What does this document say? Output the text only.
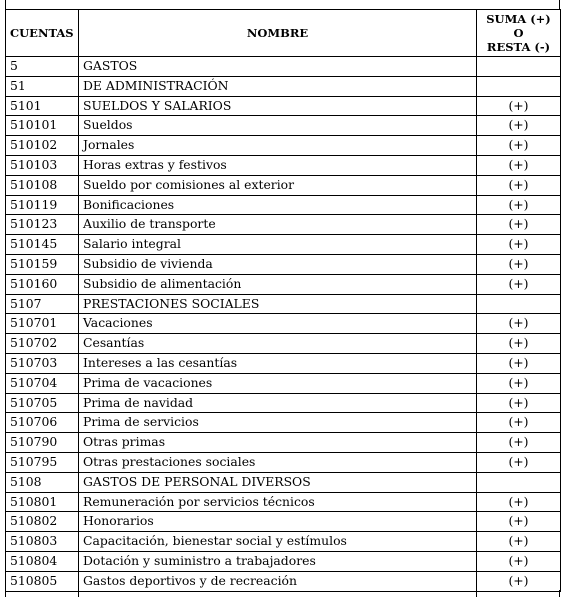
CUENTAS	NOMBRE	SUMA (+)
O
RESTA (-)
5	GASTOS	
51	DE ADMINISTRACIÓN	
5101	SUELDOS Y SALARIOS	(+)
510101	Sueldos	(+)
510102	Jornales	(+)
510103	Horas extras y festivos	(+)
510108	Sueldo por comisiones al exterior	(+)
510119	Bonificaciones	(+)
510123	Auxilio de transporte	(+)
510145	Salario integral	(+)
510159	Subsidio de vivienda	(+)
510160	Subsidio de alimentación	(+)
5107	PRESTACIONES SOCIALES	
510701	Vacaciones	(+)
510702	Cesantías	(+)
510703	Intereses a las cesantías	(+)
510704	Prima de vacaciones	(+)
510705	Prima de navidad	(+)
510706	Prima de servicios	(+)
510790	Otras primas	(+)
510795	Otras prestaciones sociales	(+)
5108	GASTOS DE PERSONAL DIVERSOS	
510801	Remuneración por servicios técnicos	(+)
510802	Honorarios	(+)
510803	Capacitación, bienestar social y estímulos	(+)
510804	Dotación y suministro a trabajadores	(+)
510805	Gastos deportivos y de recreación	(+)
